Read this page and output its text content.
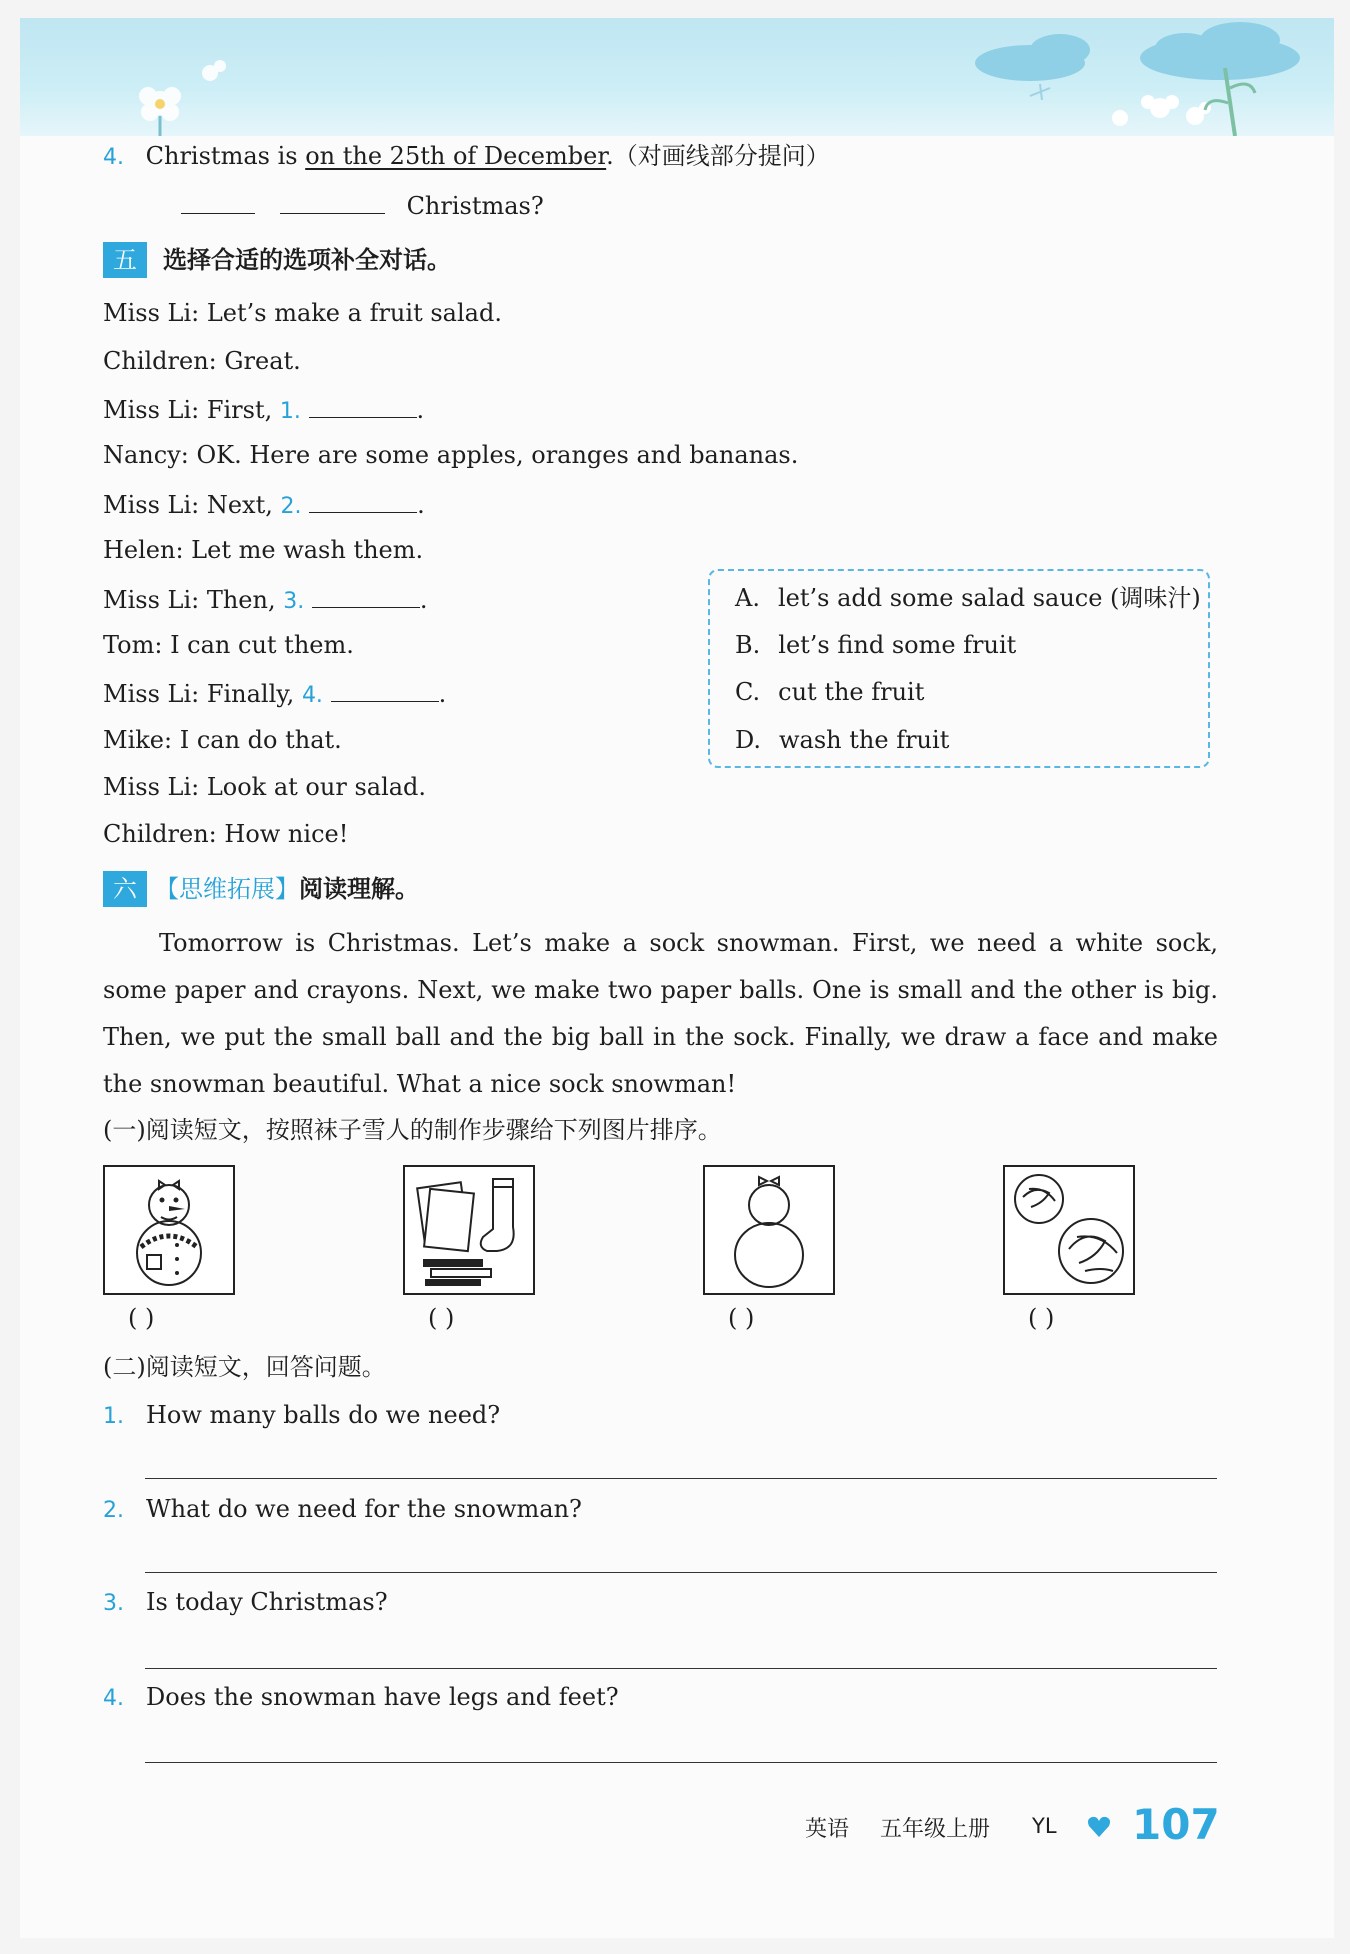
4. Christmas is on the 25th of December.（对画线部分提问）
Christmas?
五	选择合适的选项补全对话。
Miss Li: Let’s make a fruit salad.
Children: Great.
Miss Li: First, 1.	.
Nancy: OK. Here are some apples, oranges and bananas.
Miss Li: Next, 2.	.
Helen: Let me wash them.
Miss Li: Then, 3.	.
Tom: I can cut them.
Miss Li: Finally, 4.	.
Mike: I can do that.
Miss Li: Look at our salad.
Children: How nice!
A. let’s add some salad sauce (调味汁)
B. let’s find some fruit
C. cut the fruit
D. wash the fruit
六 【思维拓展】阅读理解。
Tomorrow is Christmas. Let’s make a sock snowman. First, we need a white sock, some paper and crayons. Next, we make two paper balls. One is small and the other is big. Then, we put the small ball and the big ball in the sock. Finally, we draw a face and make the snowman beautiful. What a nice sock snowman!
(一)阅读短文，按照袜子雪人的制作步骤给下列图片排序。
( )	( )	( )	( )
(二)阅读短文，回答问题。
1. How many balls do we need?
2. What do we need for the snowman?
3. Is today Christmas?
4. Does the snowman have legs and feet?
英语 五年级上册 YL 107
